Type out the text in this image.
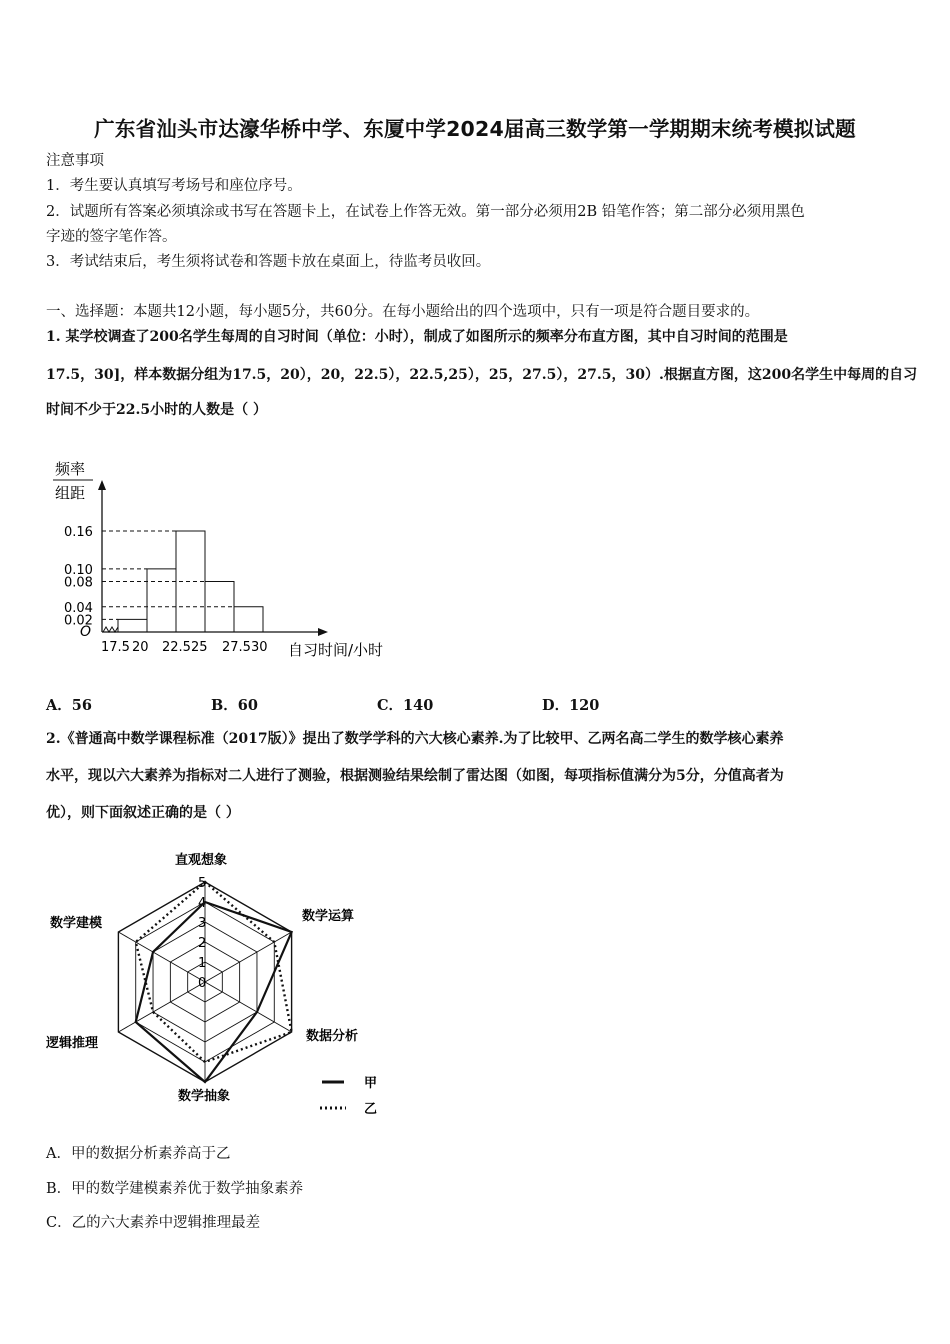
广东省汕头市达濠华桥中学、东厦中学2024届高三数学第一学期期末统考模拟试题
注意事项
1．考生要认真填写考场号和座位序号。
2．试题所有答案必须填涂或书写在答题卡上，在试卷上作答无效。第一部分必须用2B 铅笔作答；第二部分必须用黑色
字迹的签字笔作答。
3．考试结束后，考生须将试卷和答题卡放在桌面上，待监考员收回。
一、选择题：本题共12小题，每小题5分，共60分。在每小题给出的四个选项中，只有一项是符合题目要求的。
1. 某学校调查了200名学生每周的自习时间（单位：小时），制成了如图所示的频率分布直方图，其中自习时间的范围是
17.5，30]，样本数据分组为17.5，20），20，22.5），22.5,25），25，27.5），27.5，30）.根据直方图，这200名学生中每周的自习
时间不少于22.5小时的人数是（ ）
频率
组距
O
0.02
0.04
0.08
0.10
0.16
17.5 20 22.5 25 27.5 30 自习时间/小时
A．56	B．60	C．140	D．120
2.《普通高中数学课程标准（2017版）》提出了数学学科的六大核心素养.为了比较甲、乙两名高二学生的数学核心素养
水平，现以六大素养为指标对二人进行了测验，根据测验结果绘制了雷达图（如图，每项指标值满分为5分，分值高者为
优），则下面叙述正确的是（ ）
0
1
2
3
4
5
直观想象
数学运算
数据分析
数学抽象
逻辑推理
数学建模
甲
乙
A．甲的数据分析素养高于乙
B．甲的数学建模素养优于数学抽象素养
C．乙的六大素养中逻辑推理最差
